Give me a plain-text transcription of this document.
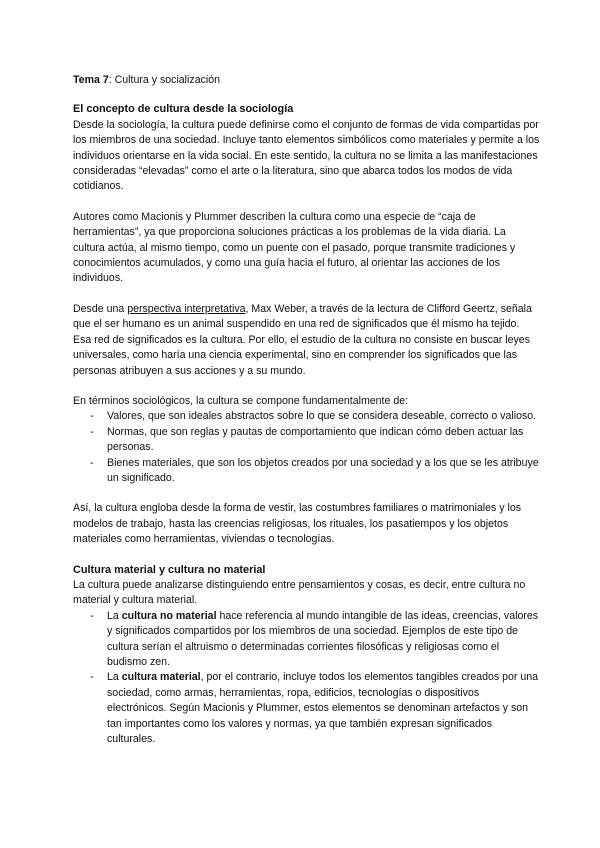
Tema 7: Cultura y socialización
El concepto de cultura desde la sociología

Desde la sociología, la cultura puede definirse como el conjunto de formas de vida compartidas por los miembros de una sociedad. Incluye tanto elementos simbólicos como materiales y permite a los individuos orientarse en la vida social. En este sentido, la cultura no se limita a las manifestaciones consideradas “elevadas” como el arte o la literatura, sino que abarca todos los modos de vida cotidianos.

Autores como Macionis y Plummer describen la cultura como una especie de “caja de herramientas”, ya que proporciona soluciones prácticas a los problemas de la vida diaria. La cultura actúa, al mismo tiempo, como un puente con el pasado, porque transmite tradiciones y conocimientos acumulados, y como una guía hacia el futuro, al orientar las acciones de los individuos.

Desde una perspectiva interpretativa, Max Weber, a través de la lectura de Clifford Geertz, señala que el ser humano es un animal suspendido en una red de significados que él mismo ha tejido. Esa red de significados es la cultura. Por ello, el estudio de la cultura no consiste en buscar leyes universales, como haría una ciencia experimental, sino en comprender los significados que las personas atribuyen a sus acciones y a su mundo.

En términos sociológicos, la cultura se compone fundamentalmente de:

- Valores, que son ideales abstractos sobre lo que se considera deseable, correcto o valioso.
- Normas, que son reglas y pautas de comportamiento que indican cómo deben actuar las personas.
- Bienes materiales, que son los objetos creados por una sociedad y a los que se les atribuye un significado.

Así, la cultura engloba desde la forma de vestir, las costumbres familiares o matrimoniales y los modelos de trabajo, hasta las creencias religiosas, los rituales, los pasatiempos y los objetos materiales como herramientas, viviendas o tecnologías.

Cultura material y cultura no material

La cultura puede analizarse distinguiendo entre pensamientos y cosas, es decir, entre cultura no material y cultura material.

- La cultura no material hace referencia al mundo intangible de las ideas, creencias, valores y significados compartidos por los miembros de una sociedad. Ejemplos de este tipo de cultura serían el altruismo o determinadas corrientes filosóficas y religiosas como el budismo zen.
- La cultura material, por el contrario, incluye todos los elementos tangibles creados por una sociedad, como armas, herramientas, ropa, edificios, tecnologías o dispositivos electrónicos. Según Macionis y Plummer, estos elementos se denominan artefactos y son tan importantes como los valores y normas, ya que también expresan significados culturales.
